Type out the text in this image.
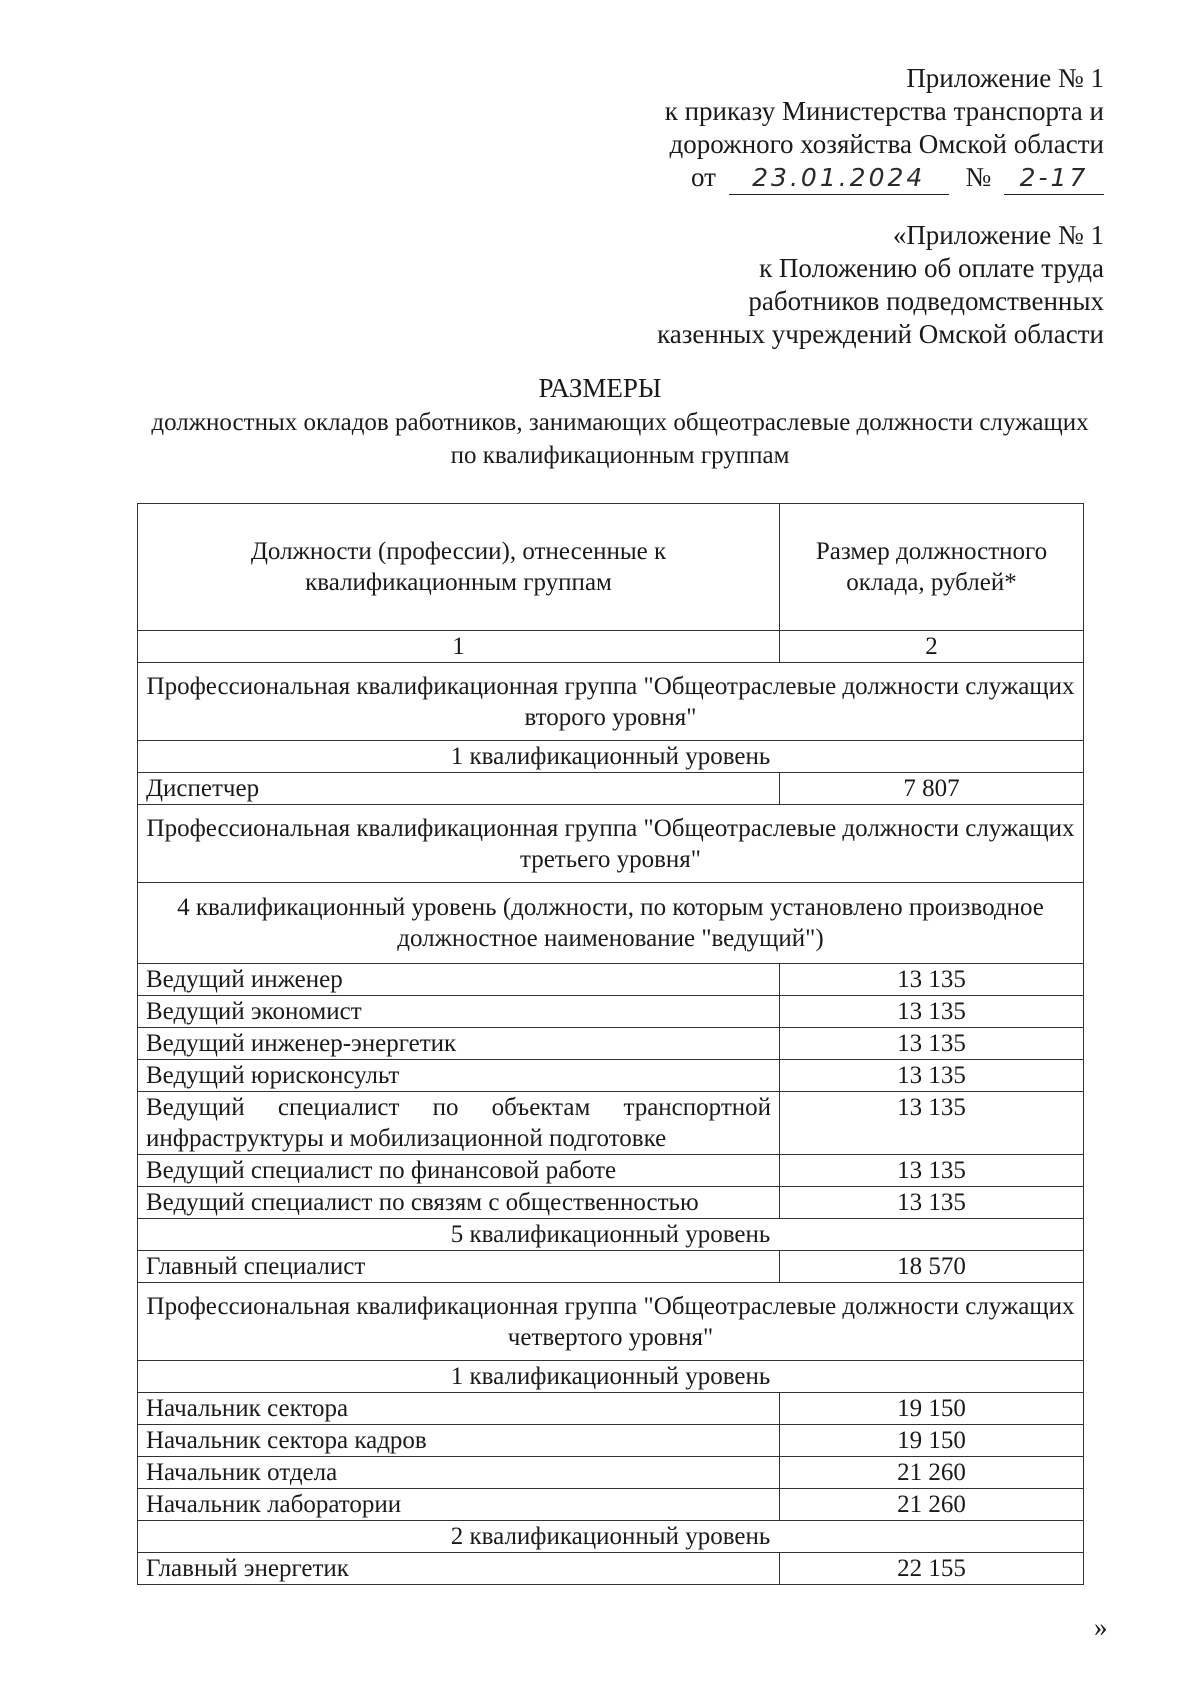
Приложение № 1
к приказу Министерства транспорта и
дорожного хозяйства Омской области
от 23.01.2024 № 2-17
«Приложение № 1
к Положению об оплате труда
работников подведомственных
казенных учреждений Омской области
РАЗМЕРЫ
должностных окладов работников, занимающих общеотраслевые должности служащих по квалификационным группам
Должности (профессии), отнесенные к квалификационным группам	Размер должностного оклада, рублей*
1	2
Профессиональная квалификационная группа "Общеотраслевые должности служащих второго уровня"	
1 квалификационный уровень	
Диспетчер	7 807
Профессиональная квалификационная группа "Общеотраслевые должности служащих третьего уровня"	
4 квалификационный уровень (должности, по которым установлено производное должностное наименование "ведущий")	
Ведущий инженер	13 135
Ведущий экономист	13 135
Ведущий инженер-энергетик	13 135
Ведущий юрисконсульт	13 135
Ведущий специалист по объектам транспортной инфраструктуры и мобилизационной подготовке	13 135
Ведущий специалист по финансовой работе	13 135
Ведущий специалист по связям с общественностью	13 135
5 квалификационный уровень	
Главный специалист	18 570
Профессиональная квалификационная группа "Общеотраслевые должности служащих четвертого уровня"	
1 квалификационный уровень	
Начальник сектора	19 150
Начальник сектора кадров	19 150
Начальник отдела	21 260
Начальник лаборатории	21 260
2 квалификационный уровень	
Главный энергетик	22 155
»
